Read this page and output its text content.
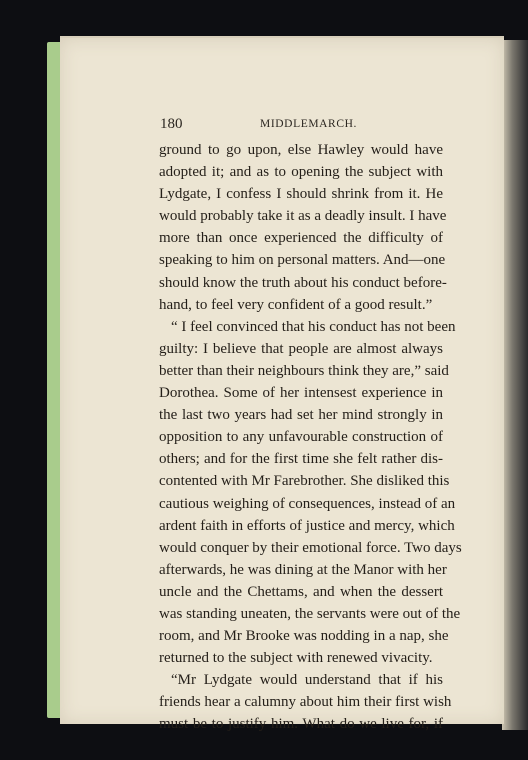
180	MIDDLEMARCH.
ground to go upon, else Hawley would have
adopted it; and as to opening the subject with
Lydgate, I confess I should shrink from it. He
would probably take it as a deadly insult. I have
more than once experienced the difficulty of
speaking to him on personal matters. And—one
should know the truth about his conduct before-
hand, to feel very confident of a good result.”
“ I feel convinced that his conduct has not been
guilty: I believe that people are almost always
better than their neighbours think they are,” said
Dorothea. Some of her intensest experience in
the last two years had set her mind strongly in
opposition to any unfavourable construction of
others; and for the first time she felt rather dis-
contented with Mr Farebrother. She disliked this
cautious weighing of consequences, instead of an
ardent faith in efforts of justice and mercy, which
would conquer by their emotional force. Two days
afterwards, he was dining at the Manor with her
uncle and the Chettams, and when the dessert
was standing uneaten, the servants were out of the
room, and Mr Brooke was nodding in a nap, she
returned to the subject with renewed vivacity.
“Mr Lydgate would understand that if his
friends hear a calumny about him their first wish
must be to justify him. What do we live for, if
